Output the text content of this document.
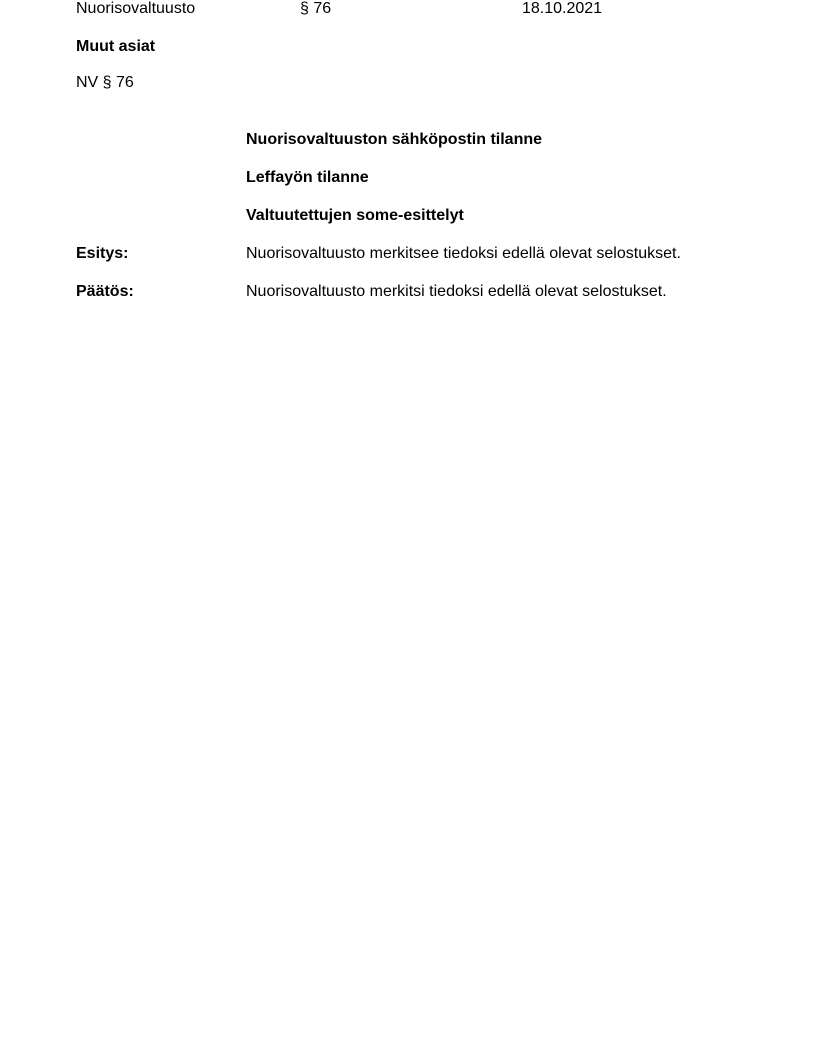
Nuorisovaltuusto	§ 76	18.10.2021
Muut asiat
NV § 76
Nuorisovaltuuston sähköpostin tilanne
Leffayön tilanne
Valtuutettujen some-esittelyt
Esitys:	Nuorisovaltuusto merkitsee tiedoksi edellä olevat selostukset.
Päätös:	Nuorisovaltuusto merkitsi tiedoksi edellä olevat selostukset.
